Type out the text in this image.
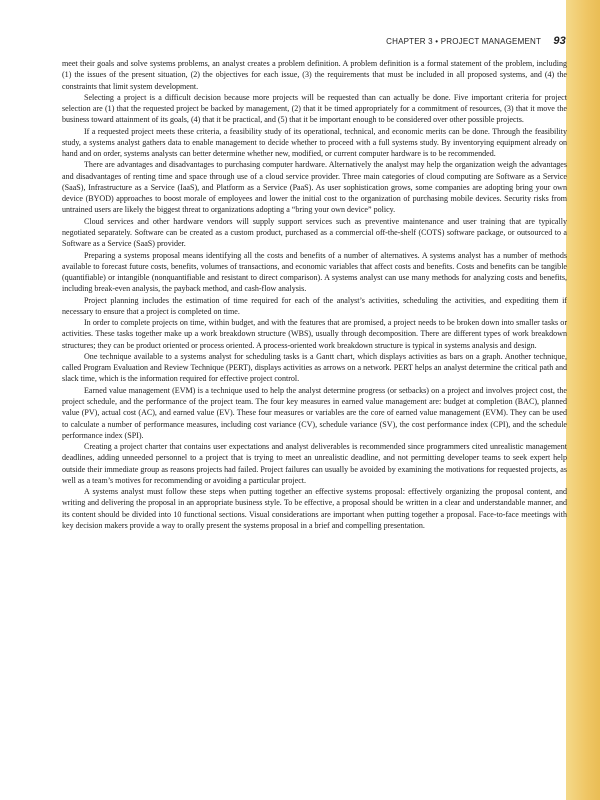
CHAPTER 3 • PROJECT MANAGEMENT 93

meet their goals and solve systems problems, an analyst creates a problem definition. A problem definition is a formal statement of the problem, including (1) the issues of the present situation, (2) the objectives for each issue, (3) the requirements that must be included in all proposed systems, and (4) the constraints that limit system development.

Selecting a project is a difficult decision because more projects will be requested than can actually be done. Five important criteria for project selection are (1) that the requested project be backed by management, (2) that it be timed appropriately for a commitment of resources, (3) that it move the business toward attainment of its goals, (4) that it be practical, and (5) that it be important enough to be considered over other possible projects.

If a requested project meets these criteria, a feasibility study of its operational, technical, and economic merits can be done. Through the feasibility study, a systems analyst gathers data to enable management to decide whether to proceed with a full systems study. By inventorying equipment already on hand and on order, systems analysts can better determine whether new, modified, or current computer hardware is to be recommended.

There are advantages and disadvantages to purchasing computer hardware. Alternatively the analyst may help the organization weigh the advantages and disadvantages of renting time and space through use of a cloud service provider. Three main categories of cloud computing are Software as a Service (SaaS), Infrastructure as a Service (IaaS), and Platform as a Service (PaaS). As user sophistication grows, some companies are adopting bring your own device (BYOD) approaches to boost morale of employees and lower the initial cost to the organization of purchasing mobile devices. Security risks from untrained users are likely the biggest threat to organizations adopting a “bring your own device” policy.

Cloud services and other hardware vendors will supply support services such as preventive maintenance and user training that are typically negotiated separately. Software can be created as a custom product, purchased as a commercial off-the-shelf (COTS) software package, or outsourced to a Software as a Service (SaaS) provider.

Preparing a systems proposal means identifying all the costs and benefits of a number of alternatives. A systems analyst has a number of methods available to forecast future costs, benefits, volumes of transactions, and economic variables that affect costs and benefits. Costs and benefits can be tangible (quantifiable) or intangible (nonquantifiable and resistant to direct comparison). A systems analyst can use many methods for analyzing costs and benefits, including break-even analysis, the payback method, and cash-flow analysis.

Project planning includes the estimation of time required for each of the analyst’s activities, scheduling the activities, and expediting them if necessary to ensure that a project is completed on time.

In order to complete projects on time, within budget, and with the features that are promised, a project needs to be broken down into smaller tasks or activities. These tasks together make up a work breakdown structure (WBS), usually through decomposition. There are different types of work breakdown structures; they can be product oriented or process oriented. A process-oriented work breakdown structure is typical in systems analysis and design.

One technique available to a systems analyst for scheduling tasks is a Gantt chart, which displays activities as bars on a graph. Another technique, called Program Evaluation and Review Technique (PERT), displays activities as arrows on a network. PERT helps an analyst determine the critical path and slack time, which is the information required for effective project control.

Earned value management (EVM) is a technique used to help the analyst determine progress (or setbacks) on a project and involves project cost, the project schedule, and the performance of the project team. The four key measures in earned value management are: budget at completion (BAC), planned value (PV), actual cost (AC), and earned value (EV). These four measures or variables are the core of earned value management (EVM). They can be used to calculate a number of performance measures, including cost variance (CV), schedule variance (SV), the cost performance index (CPI), and the schedule performance index (SPI).

Creating a project charter that contains user expectations and analyst deliverables is recommended since programmers cited unrealistic management deadlines, adding unneeded personnel to a project that is trying to meet an unrealistic deadline, and not permitting developer teams to seek expert help outside their immediate group as reasons projects had failed. Project failures can usually be avoided by examining the motivations for requested projects, as well as a team’s motives for recommending or avoiding a particular project.

A systems analyst must follow these steps when putting together an effective systems proposal: effectively organizing the proposal content, and writing and delivering the proposal in an appropriate business style. To be effective, a proposal should be written in a clear and understandable manner, and its content should be divided into 10 functional sections. Visual considerations are important when putting together a proposal. Face-to-face meetings with key decision makers provide a way to orally present the systems proposal in a brief and compelling presentation.
